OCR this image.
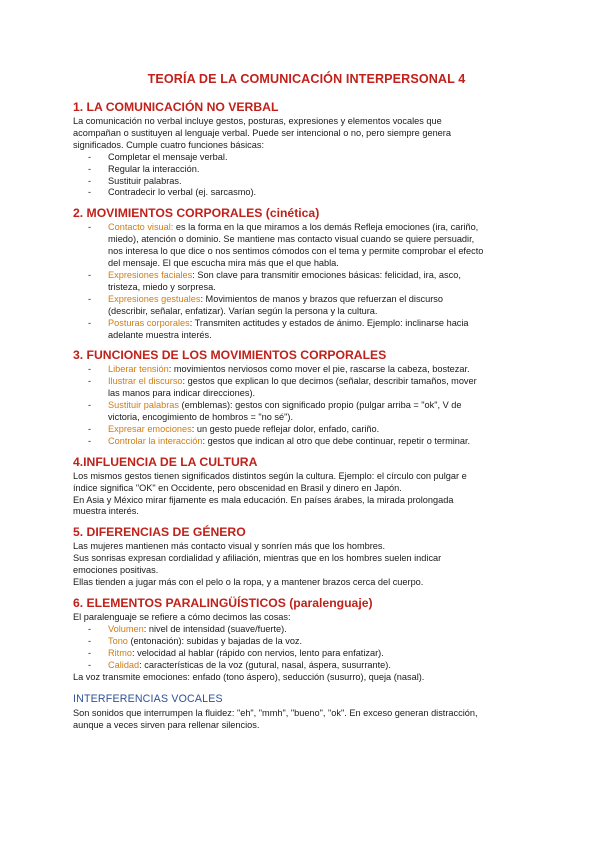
TEORÍA DE LA COMUNICACIÓN INTERPERSONAL 4
1. LA COMUNICACIÓN NO VERBAL

La comunicación no verbal incluye gestos, posturas, expresiones y elementos vocales que

acompañan o sustituyen al lenguaje verbal. Puede ser intencional o no, pero siempre genera

significados. Cumple cuatro funciones básicas:

- Completar el mensaje verbal.
- Regular la interacción.
- Sustituir palabras.
- Contradecir lo verbal (ej. sarcasmo).
2. MOVIMIENTOS CORPORALES (cinética)
- Contacto visual: es la forma en la que miramos a los demás Refleja emociones (ira, cariño,
miedo), atención o dominio. Se mantiene mas contacto visual cuando se quiere persuadir,
nos interesa lo que dice o nos sentimos cómodos con el tema y permite comprobar el efecto
del mensaje. El que escucha mira más que el que habla.
- Expresiones faciales: Son clave para transmitir emociones básicas: felicidad, ira, asco,
tristeza, miedo y sorpresa.
- Expresiones gestuales: Movimientos de manos y brazos que refuerzan el discurso
(describir, señalar, enfatizar). Varían según la persona y la cultura.
- Posturas corporales: Transmiten actitudes y estados de ánimo. Ejemplo: inclinarse hacia
adelante muestra interés.
3. FUNCIONES DE LOS MOVIMIENTOS CORPORALES
- Liberar tensión: movimientos nerviosos como mover el pie, rascarse la cabeza, bostezar.
- Ilustrar el discurso: gestos que explican lo que decimos (señalar, describir tamaños, mover
las manos para indicar direcciones).
- Sustituir palabras (emblemas): gestos con significado propio (pulgar arriba = "ok", V de
victoria, encogimiento de hombros = "no sé").
- Expresar emociones: un gesto puede reflejar dolor, enfado, cariño.
- Controlar la interacción: gestos que indican al otro que debe continuar, repetir o terminar.
4.INFLUENCIA DE LA CULTURA

Los mismos gestos tienen significados distintos según la cultura. Ejemplo: el círculo con pulgar e

índice significa "OK" en Occidente, pero obscenidad en Brasil y dinero en Japón.

En Asia y México mirar fijamente es mala educación. En países árabes, la mirada prolongada

muestra interés.

5. DIFERENCIAS DE GÉNERO

Las mujeres mantienen más contacto visual y sonríen más que los hombres.

Sus sonrisas expresan cordialidad y afiliación, mientras que en los hombres suelen indicar

emociones positivas.

Ellas tienden a jugar más con el pelo o la ropa, y a mantener brazos cerca del cuerpo.

6. ELEMENTOS PARALINGÜÍSTICOS (paralenguaje)

El paralenguaje se refiere a cómo decimos las cosas:

- Volumen: nivel de intensidad (suave/fuerte).
- Tono (entonación): subidas y bajadas de la voz.
- Ritmo: velocidad al hablar (rápido con nervios, lento para enfatizar).
- Calidad: características de la voz (gutural, nasal, áspera, susurrante).

La voz transmite emociones: enfado (tono áspero), seducción (susurro), queja (nasal).

INTERFERENCIAS VOCALES

Son sonidos que interrumpen la fluidez: "eh", "mmh", "bueno", "ok". En exceso generan distracción,

aunque a veces sirven para rellenar silencios.
